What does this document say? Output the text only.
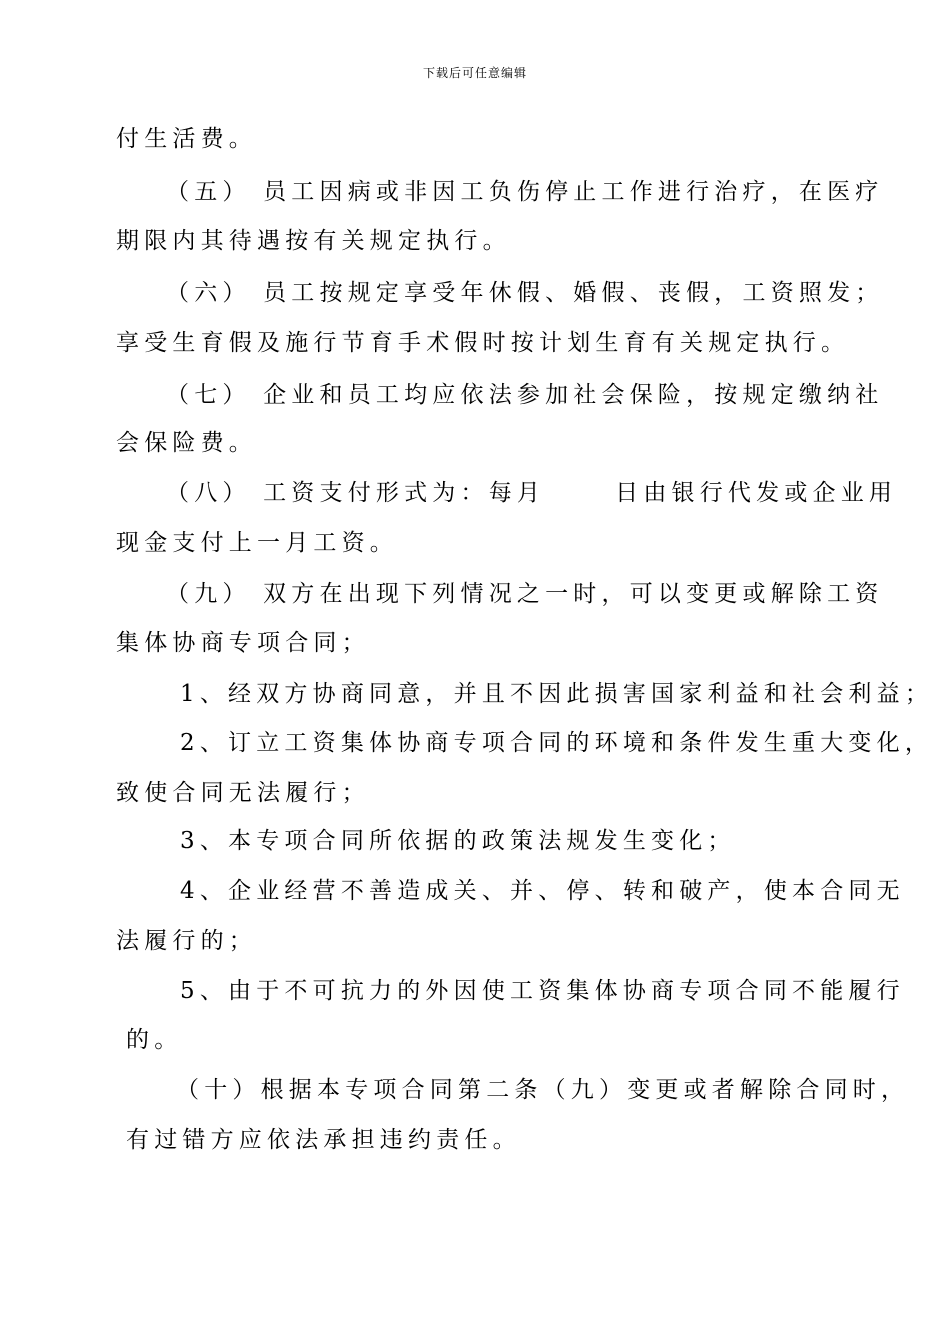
下载后可任意编辑
付生活费。
（五） 员工因病或非因工负伤停止工作进行治疗，在医疗
期限内其待遇按有关规定执行。
（六） 员工按规定享受年休假、婚假、丧假，工资照发；
享受生育假及施行节育手术假时按计划生育有关规定执行。
（七） 企业和员工均应依法参加社会保险，按规定缴纳社
会保险费。
（八） 工资支付形式为：每月	日由银行代发或企业用
现金支付上一月工资。
（九） 双方在出现下列情况之一时，可以变更或解除工资
集体协商专项合同；
1、经双方协商同意，并且不因此损害国家利益和社会利益；
2、订立工资集体协商专项合同的环境和条件发生重大变化，
致使合同无法履行；
3、本专项合同所依据的政策法规发生变化；
4、企业经营不善造成关、并、停、转和破产，使本合同无
法履行的；
5、由于不可抗力的外因使工资集体协商专项合同不能履行
的。
（十）根据本专项合同第二条（九）变更或者解除合同时，
有过错方应依法承担违约责任。
